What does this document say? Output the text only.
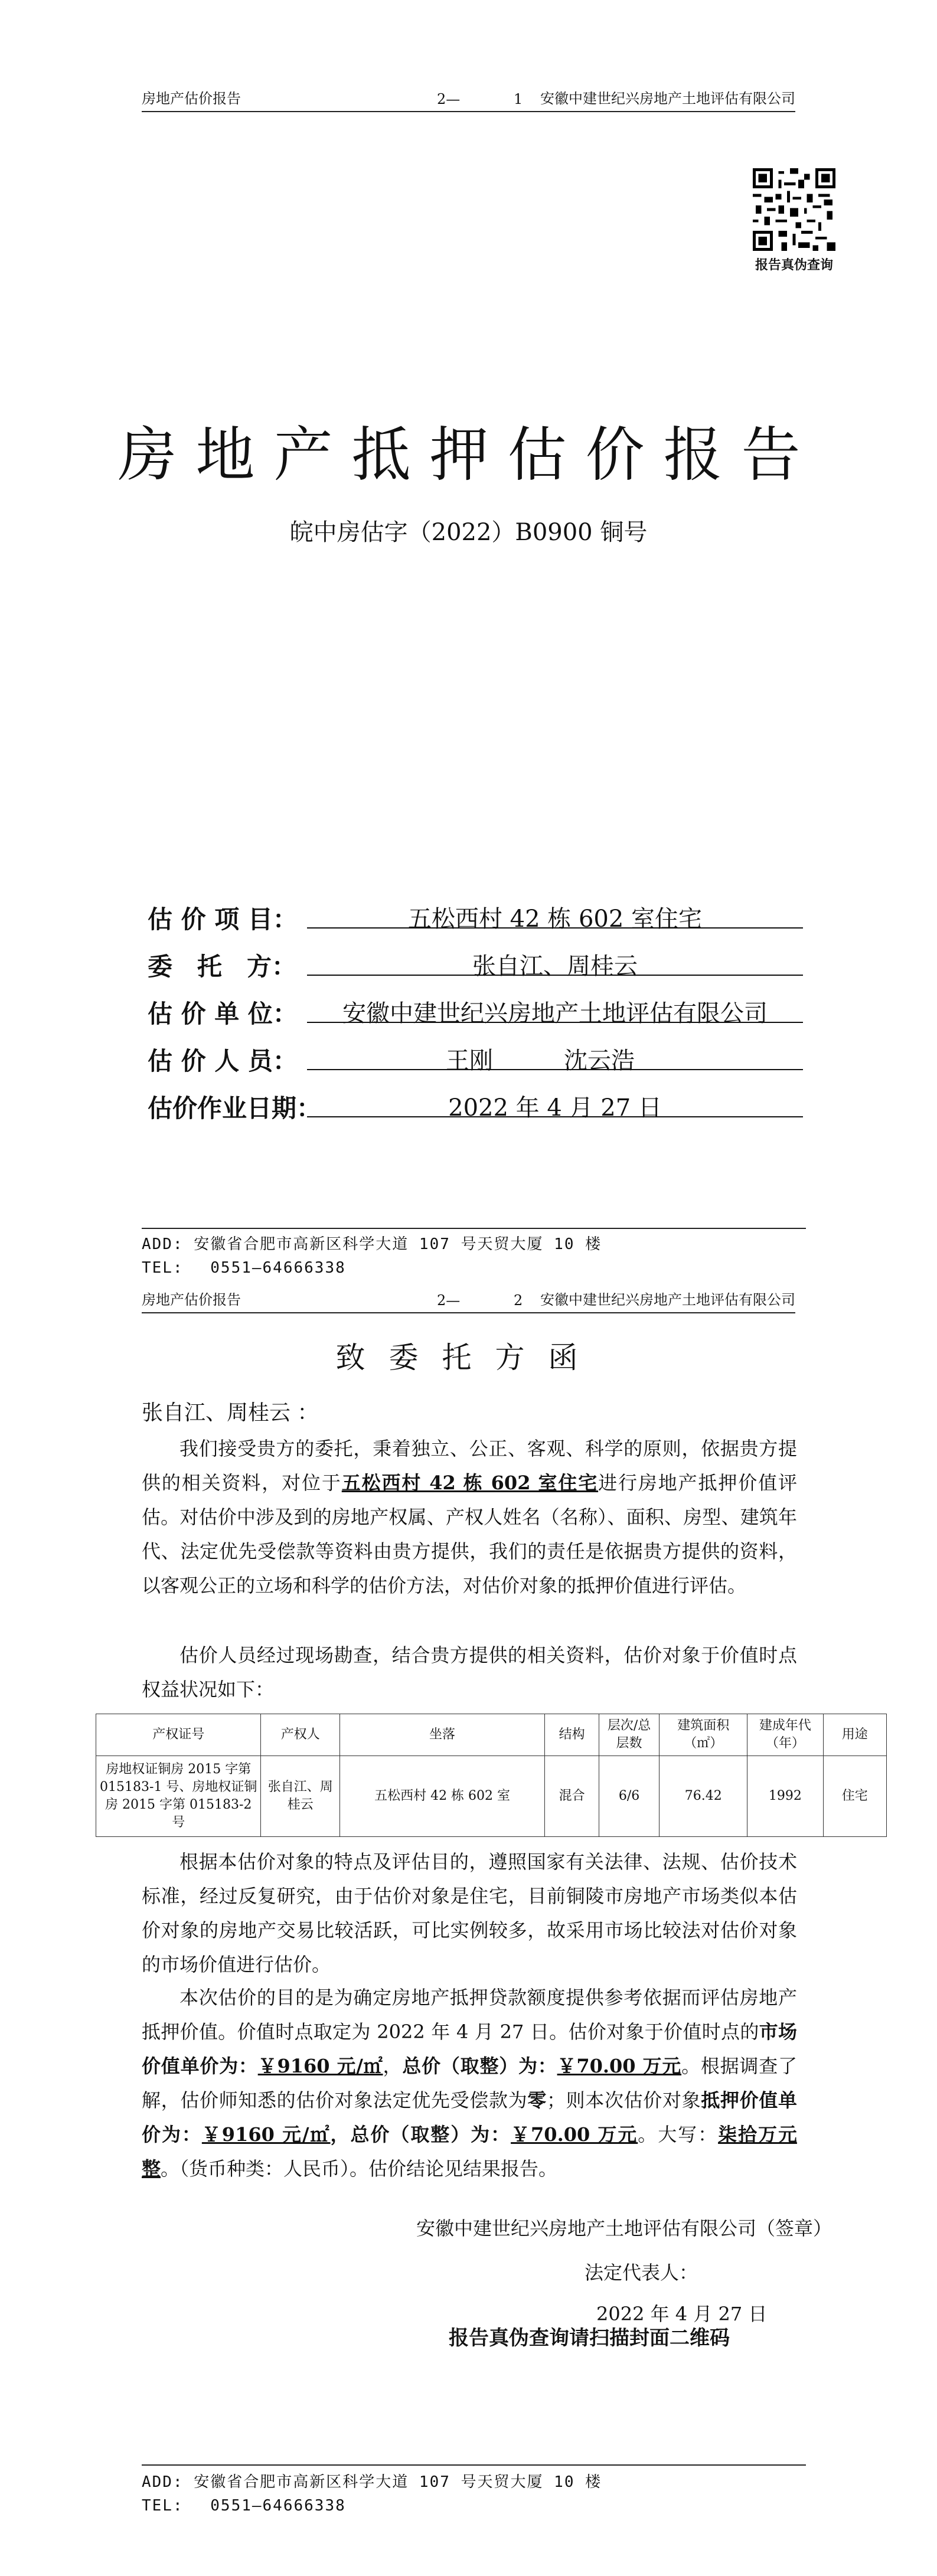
房地产估价报告	2—	1 安徽中建世纪兴房地产土地评估有限公司
报告真伪查询
房地产抵押估价报告
皖中房估字（2022）B0900 铜号
估 价 项 目：	五松西村 42 栋 602 室住宅
委　托　方：	张自江、周桂云
估 价 单 位：	安徽中建世纪兴房地产土地评估有限公司
估 价 人 员：	王刚	沈云浩
估价作业日期：	2022 年 4 月 27 日
ADD: 安徽省合肥市高新区科学大道 107 号天贸大厦 10 楼
TEL:　 0551—64666338
房地产估价报告	2—	2 安徽中建世纪兴房地产土地评估有限公司
致委托方函
张自江、周桂云 ：

我们接受贵方的委托，秉着独立、公正、客观、科学的原则，依据贵方提供的相关资料，对位于五松西村 42 栋 602 室住宅进行房地产抵押价值评估。对估价中涉及到的房地产权属、产权人姓名（名称）、面积、房型、建筑年代、法定优先受偿款等资料由贵方提供，我们的责任是依据贵方提供的资料，以客观公正的立场和科学的估价方法，对估价对象的抵押价值进行评估。

估价人员经过现场勘查，结合贵方提供的相关资料，估价对象于价值时点权益状况如下：

产权证号	产权人	坐落	结构	层次/总层数	建筑面积（㎡）	建成年代（年）	用途
房地权证铜房 2015 字第 015183-1 号、房地权证铜房 2015 字第 015183-2 号	张自江、周桂云	五松西村 42 栋 602 室	混合	6/6	76.42	1992	住宅

根据本估价对象的特点及评估目的，遵照国家有关法律、法规、估价技术标准，经过反复研究，由于估价对象是住宅，目前铜陵市房地产市场类似本估价对象的房地产交易比较活跃，可比实例较多，故采用市场比较法对估价对象的市场价值进行估价。

本次估价的目的是为确定房地产抵押贷款额度提供参考依据而评估房地产抵押价值。价值时点取定为 2022 年 4 月 27 日。估价对象于价值时点的市场价值单价为：￥9160 元/㎡，总价（取整）为：￥70.00 万元。根据调查了解，估价师知悉的估价对象法定优先受偿款为零；则本次估价对象抵押价值单价为：￥9160 元/㎡，总价（取整）为：￥70.00 万元。大写：柒拾万元整。（货币种类：人民币）。估价结论见结果报告。

安徽中建世纪兴房地产土地评估有限公司（签章）
法定代表人：
2022 年 4 月 27 日
报告真伪查询请扫描封面二维码
ADD: 安徽省合肥市高新区科学大道 107 号天贸大厦 10 楼
TEL:　 0551—64666338
